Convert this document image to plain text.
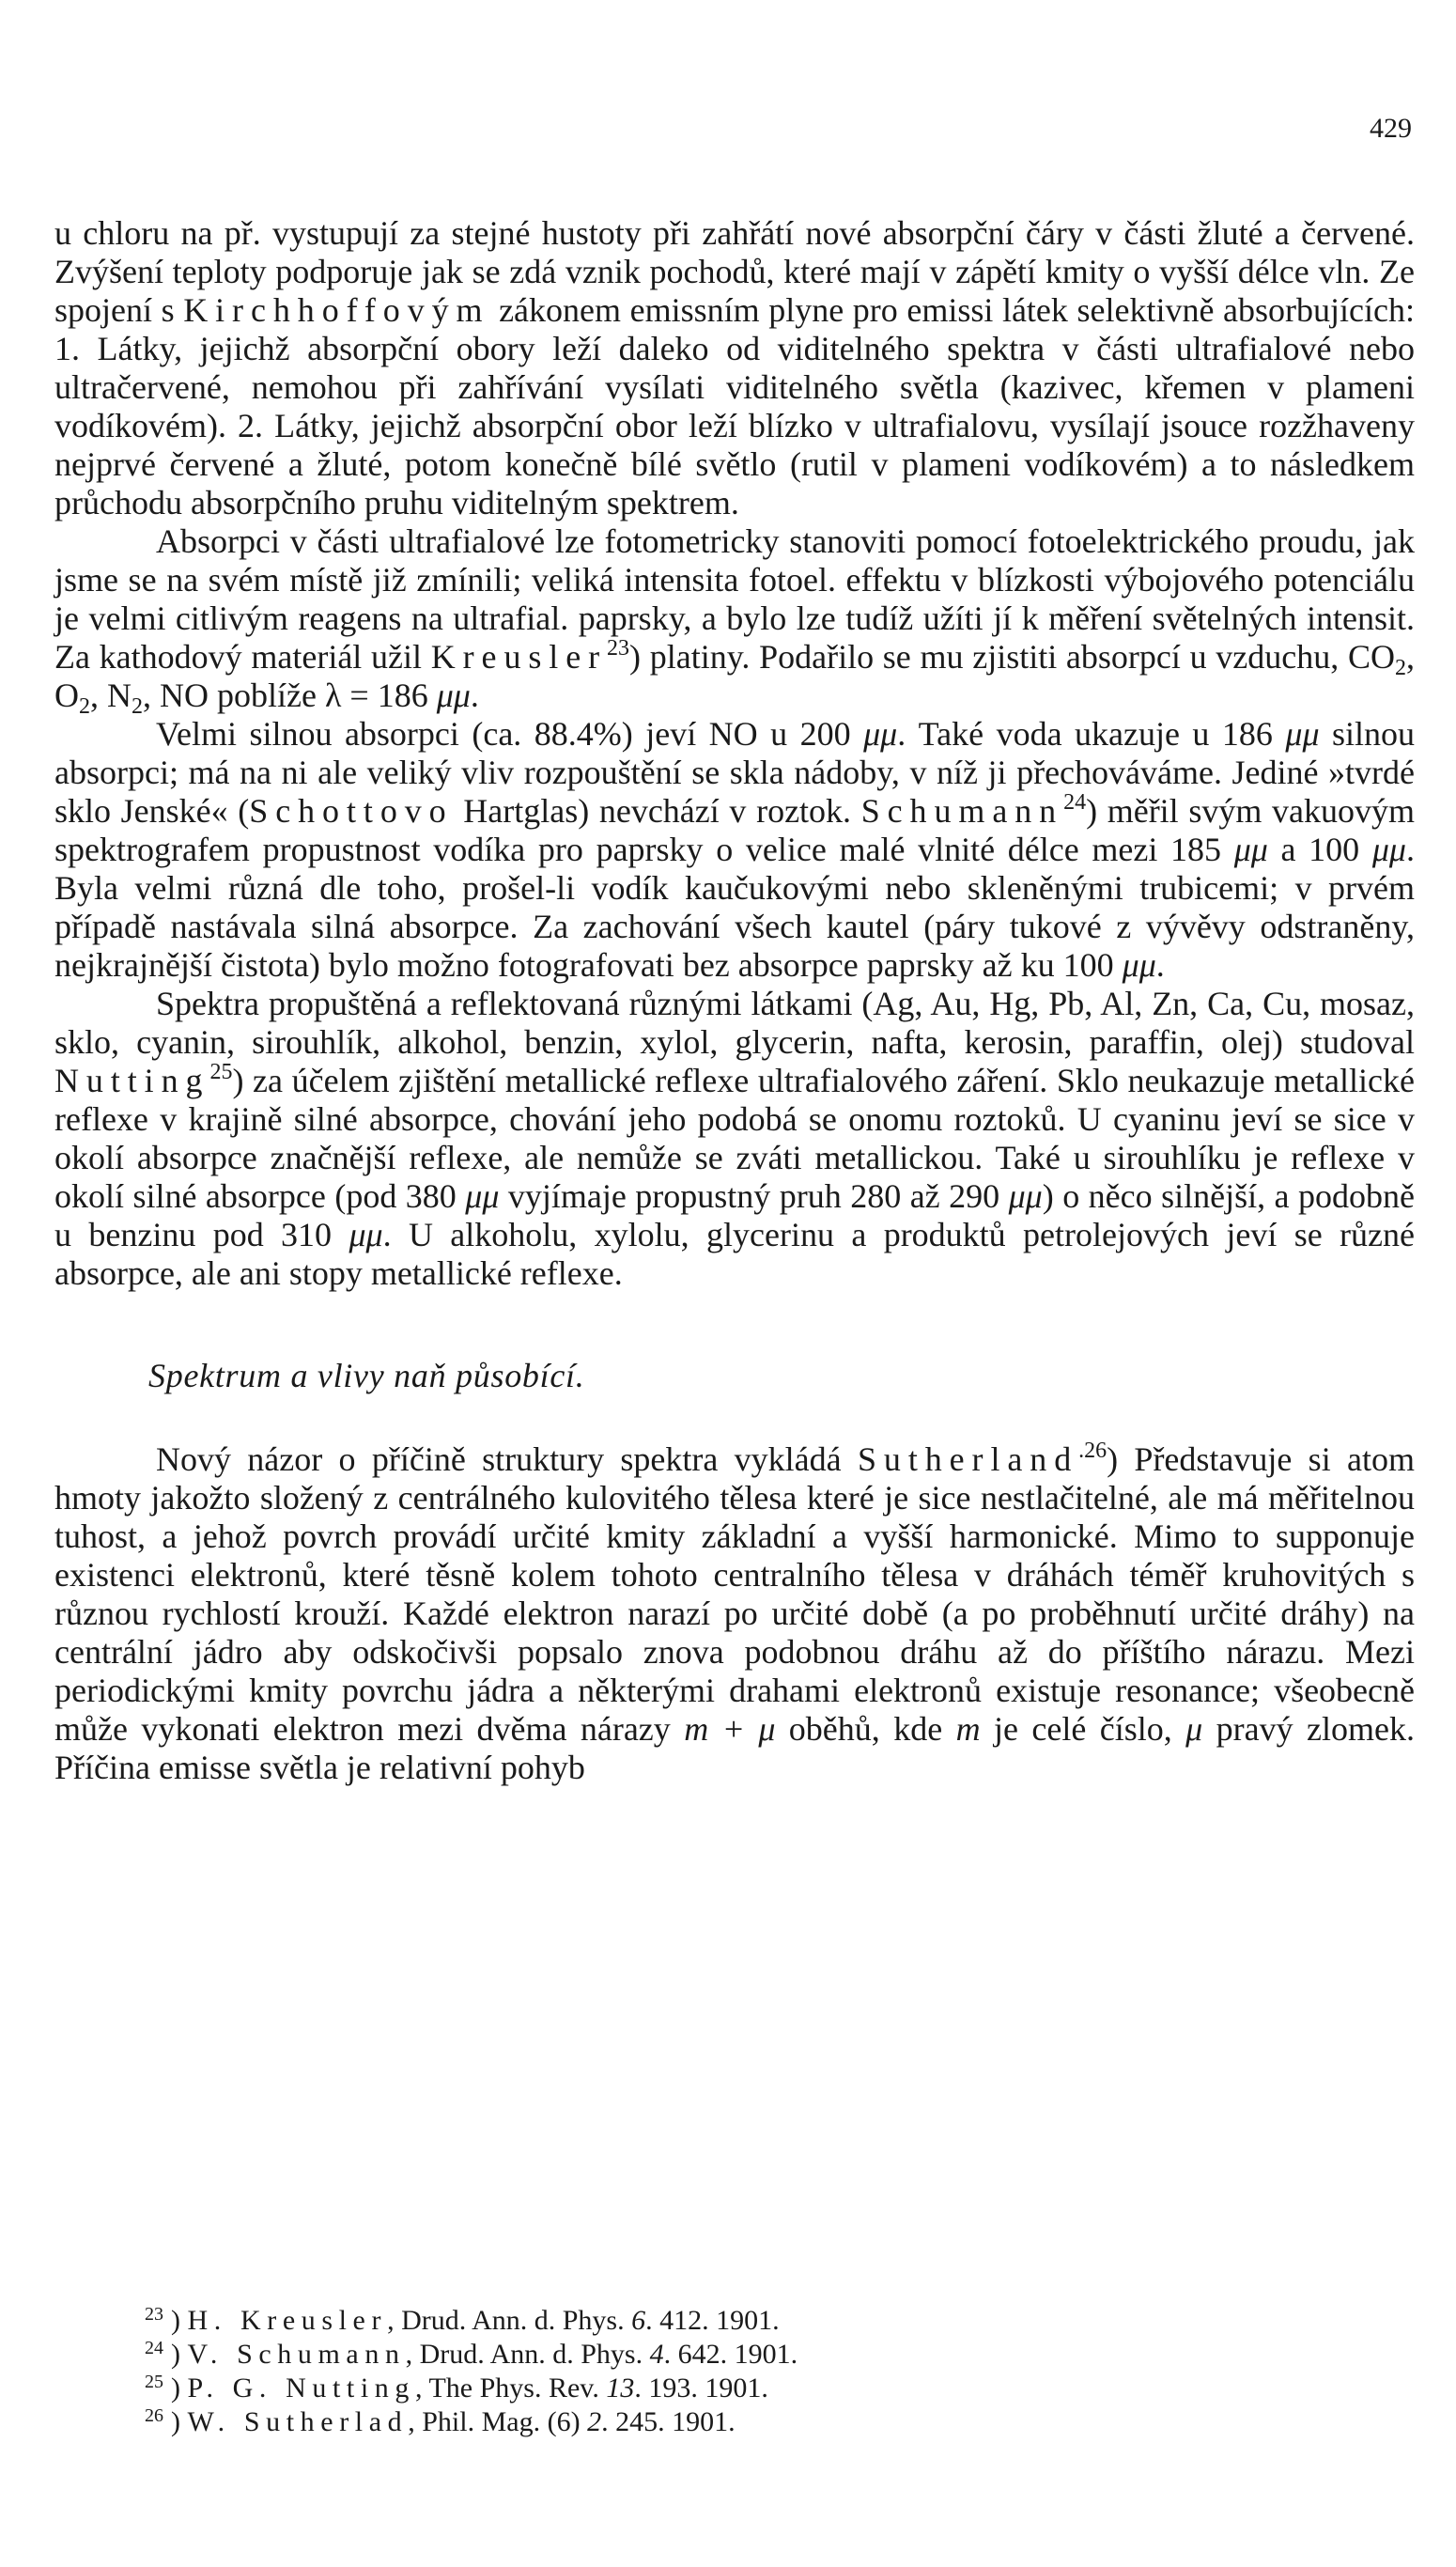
429

u chloru na př. vystupují za stejné hustoty při zahřátí nové absorpční čáry v části žluté a červené. Zvýšení teploty podporuje jak se zdá vznik pochodů, které mají v zápětí kmity o vyšší délce vln. Ze spojení s Kirchhoffovým zákonem emissním plyne pro emissi látek selektivně absorbujících: 1. Látky, jejichž absorpční obory leží daleko od viditelného spektra v části ultrafialové nebo ultračervené, nemohou při zahřívání vysílati viditelného světla (kazivec, křemen v plameni vodíkovém). 2. Látky, jejichž absorpční obor leží blízko v ultrafialovu, vysílají jsouce rozžhaveny nejprvé červené a žluté, potom konečně bílé světlo (rutil v plameni vodíkovém) a to následkem průchodu absorpčního pruhu viditelným spektrem.

Absorpci v části ultrafialové lze fotometricky stanoviti pomocí fotoelektrického proudu, jak jsme se na svém místě již zmínili; veliká intensita fotoel. effektu v blízkosti výbojového potenciálu je velmi citlivým reagens na ultrafial. paprsky, a bylo lze tudíž užíti jí k měření světelných intensit. Za kathodový materiál užil Kreusler$^{23}$) platiny. Podařilo se mu zjistiti absorpcí u vzduchu, $CO_2$, $O_2$, $N_2$, NO poblíže λ = 186 μμ.

Velmi silnou absorpci (ca. 88.4%) jeví NO u 200 μμ. Také voda ukazuje u 186 μμ silnou absorpci; má na ni ale veliký vliv rozpouštění se skla nádoby, v níž ji přechováváme. Jediné »tvrdé sklo Jenské« (Schottovo Hartglas) nevchází v roztok. Schumann$^{24}$) měřil svým vakuovým spektrografem propustnost vodíka pro paprsky o velice malé vlnité délce mezi 185 μμ a 100 μμ. Byla velmi různá dle toho, prošel-li vodík kaučukovými nebo skleněnými trubicemi; v prvém případě nastávala silná absorpce. Za zachování všech kautel (páry tukové z vývěvy odstraněny, nejkrajnější čistota) bylo možno fotografovati bez absorpce paprsky až ku 100 μμ.

Spektra propuštěná a reflektovaná různými látkami (Ag, Au, Hg, Pb, Al, Zn, Ca, Cu, mosaz, sklo, cyanin, sirouhlík, alkohol, benzin, xylol, glycerin, nafta, kerosin, paraffin, olej) studoval Nutting$^{25}$) za účelem zjištění metallické reflexe ultrafialového záření. Sklo neukazuje metallické reflexe v krajině silné absorpce, chování jeho podobá se onomu roztoků. U cyaninu jeví se sice v okolí absorpce značnější reflexe, ale nemůže se zváti metallickou. Také u sirouhlíku je reflexe v okolí silné absorpce (pod 380 μμ vyjímaje propustný pruh 280 až 290 μμ) o něco silnější, a podobně u benzinu pod 310 μμ. U alkoholu, xylolu, glycerinu a produktů petrolejových jeví se různé absorpce, ale ani stopy metallické reflexe.

Spektrum a vlivy naň působící.

Nový názor o příčině struktury spektra vykládá Sutherland$^{.26}$) Představuje si atom hmoty jakožto složený z centrálného kulovitého tělesa které je sice nestlačitelné, ale má měřitelnou tuhost, a jehož povrch provádí určité kmity základní a vyšší harmonické. Mimo to supponuje existenci elektronů, které těsně kolem tohoto centralního tělesa v dráhách téměř kruhovitých s různou rychlostí krouží. Každé elektron narazí po určité době (a po proběhnutí určité dráhy) na centrální jádro aby odskočivši popsalo znova podobnou dráhu až do příštího nárazu. Mezi periodickými kmity povrchu jádra a některými drahami elektronů existuje resonance; všeobecně může vykonati elektron mezi dvěma nárazy m + μ oběhů, kde m je celé číslo, μ pravý zlomek. Příčina emisse světla je relativní pohyb

$^{23}$ ) H. Kreusler, Drud. Ann. d. Phys. 6. 412. 1901.
$^{24}$ ) V. Schumann, Drud. Ann. d. Phys. 4. 642. 1901.
$^{25}$ ) P. G. Nutting, The Phys. Rev. 13. 193. 1901.
$^{26}$ ) W. Sutherlad, Phil. Mag. (6) 2. 245. 1901.
